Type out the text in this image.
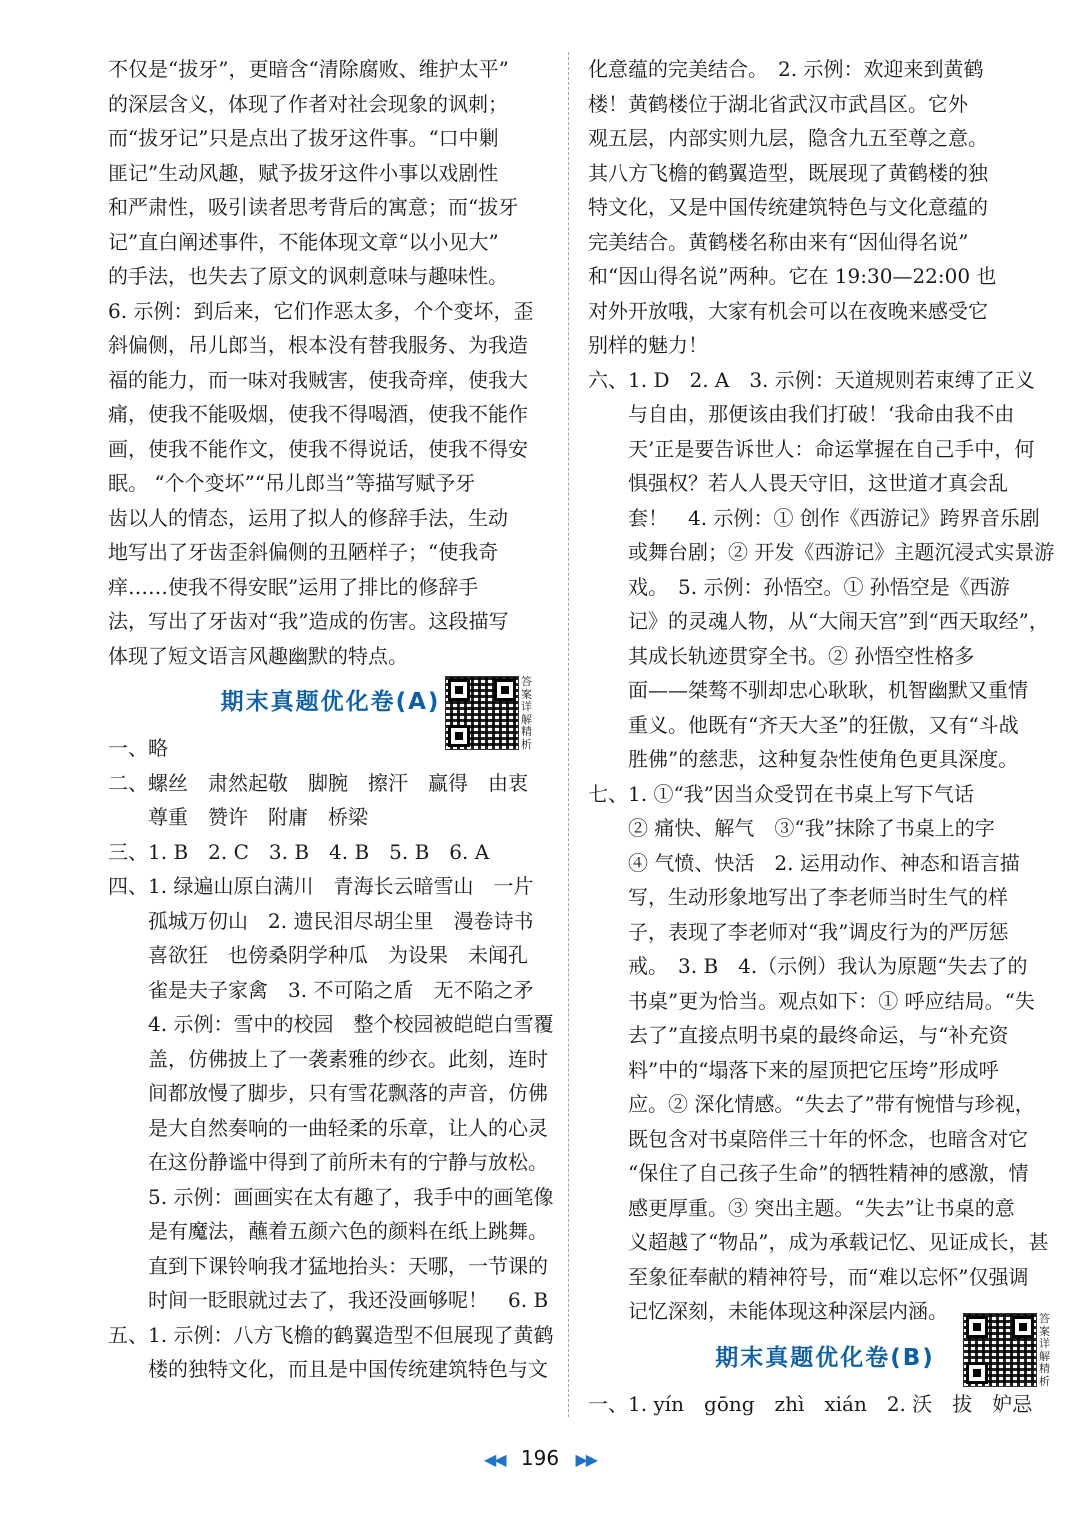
不仅是“拔牙”，更暗含“清除腐败、维护太平”
的深层含义，体现了作者对社会现象的讽刺；
而“拔牙记”只是点出了拔牙这件事。“口中剿
匪记”生动风趣，赋予拔牙这件小事以戏剧性
和严肃性，吸引读者思考背后的寓意；而“拔牙
记”直白阐述事件，不能体现文章“以小见大”
的手法，也失去了原文的讽刺意味与趣味性。
6. 示例：到后来，它们作恶太多，个个变坏，歪
斜偏侧，吊儿郎当，根本没有替我服务、为我造
福的能力，而一味对我贼害，使我奇痒，使我大
痛，使我不能吸烟，使我不得喝酒，使我不能作
画，使我不能作文，使我不得说话，使我不得安
眠。 “个个变坏”“吊儿郎当”等描写赋予牙
齿以人的情态，运用了拟人的修辞手法，生动
地写出了牙齿歪斜偏侧的丑陋样子；“使我奇
痒……使我不得安眠”运用了排比的修辞手
法，写出了牙齿对“我”造成的伤害。这段描写
体现了短文语言风趣幽默的特点。
期末真题优化卷(A)
一、略
二、螺丝　肃然起敬　脚腕　擦汗　赢得　由衷
　　尊重　赞许　附庸　桥梁
三、1. B　2. C　3. B　4. B　5. B　6. A
四、1. 绿遍山原白满川　青海长云暗雪山　一片
　　孤城万仞山　2. 遗民泪尽胡尘里　漫卷诗书
　　喜欲狂　也傍桑阴学种瓜　为设果　未闻孔
　　雀是夫子家禽　3. 不可陷之盾　无不陷之矛
　　4. 示例：雪中的校园　整个校园被皑皑白雪覆
　　盖，仿佛披上了一袭素雅的纱衣。此刻，连时
　　间都放慢了脚步，只有雪花飘落的声音，仿佛
　　是大自然奏响的一曲轻柔的乐章，让人的心灵
　　在这份静谧中得到了前所未有的宁静与放松。
　　5. 示例：画画实在太有趣了，我手中的画笔像
　　是有魔法，蘸着五颜六色的颜料在纸上跳舞。
　　直到下课铃响我才猛地抬头：天哪，一节课的
　　时间一眨眼就过去了，我还没画够呢！　6. B
五、1. 示例：八方飞檐的鹤翼造型不但展现了黄鹤
　　楼的独特文化，而且是中国传统建筑特色与文
化意蕴的完美结合。　2. 示例：欢迎来到黄鹤
楼！黄鹤楼位于湖北省武汉市武昌区。它外
观五层，内部实则九层，隐含九五至尊之意。
其八方飞檐的鹤翼造型，既展现了黄鹤楼的独
特文化，又是中国传统建筑特色与文化意蕴的
完美结合。黄鹤楼名称由来有“因仙得名说”
和“因山得名说”两种。它在 19:30—22:00 也
对外开放哦，大家有机会可以在夜晚来感受它
别样的魅力！
六、1. D　2. A　3. 示例：天道规则若束缚了正义
　　与自由，那便该由我们打破！‘我命由我不由
　　天’正是要告诉世人：命运掌握在自己手中，何
　　惧强权？若人人畏天守旧，这世道才真会乱
　　套！　4. 示例：① 创作《西游记》跨界音乐剧
　　或舞台剧；② 开发《西游记》主题沉浸式实景游
　　戏。　5. 示例：孙悟空。① 孙悟空是《西游
　　记》的灵魂人物，从“大闹天宫”到“西天取经”，
　　其成长轨迹贯穿全书。② 孙悟空性格多
　　面——桀骜不驯却忠心耿耿，机智幽默又重情
　　重义。他既有“齐天大圣”的狂傲，又有“斗战
　　胜佛”的慈悲，这种复杂性使角色更具深度。
七、1. ①“我”因当众受罚在书桌上写下气话
　　② 痛快、解气　③“我”抹除了书桌上的字
　　④ 气愤、快活　2. 运用动作、神态和语言描
　　写，生动形象地写出了李老师当时生气的样
　　子，表现了李老师对“我”调皮行为的严厉惩
　　戒。　3. B　4.（示例）我认为原题“失去了的
　　书桌”更为恰当。观点如下：① 呼应结局。“失
　　去了”直接点明书桌的最终命运，与“补充资
　　料”中的“塌落下来的屋顶把它压垮”形成呼
　　应。② 深化情感。“失去了”带有惋惜与珍视，
　　既包含对书桌陪伴三十年的怀念，也暗含对它
　　“保住了自己孩子生命”的牺牲精神的感激，情
　　感更厚重。③ 突出主题。“失去”让书桌的意
　　义超越了“物品”，成为承载记忆、见证成长，甚
　　至象征奉献的精神符号，而“难以忘怀”仅强调
　　记忆深刻，未能体现这种深层内涵。
期末真题优化卷(B)
一、1. yín　gōng　zhì　xián　2. 沃　拔　妒忌
答案详解精析
答案详解精析
◀◀ 196 ▶▶
